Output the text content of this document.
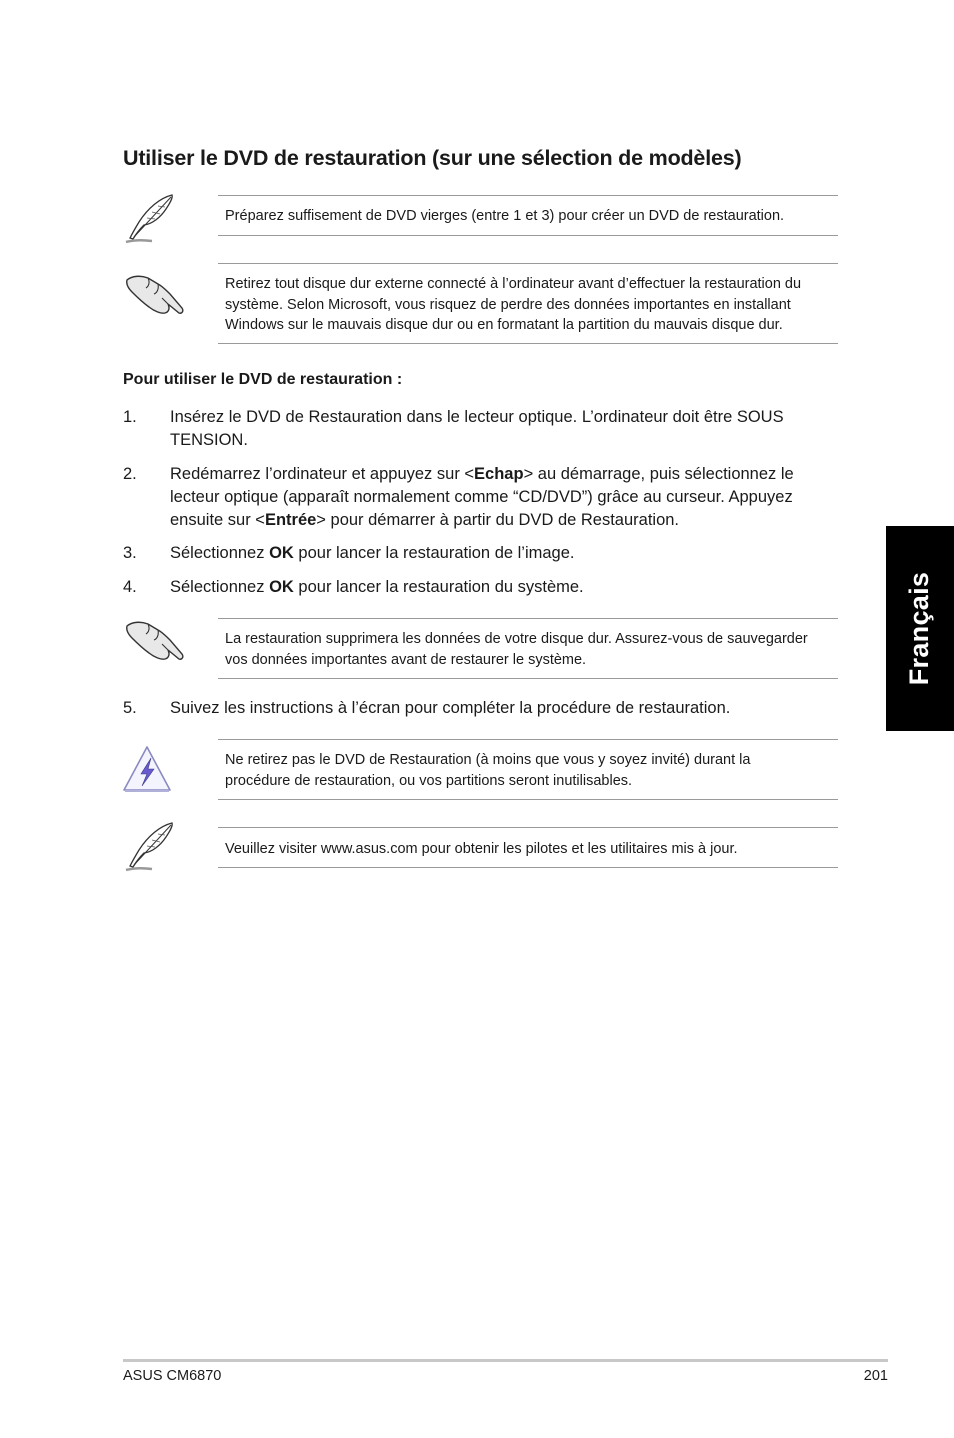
Utiliser le DVD de restauration (sur une sélection de modèles)
Préparez suffisement de DVD vierges (entre 1 et 3) pour créer un DVD de restauration.
Retirez tout disque dur externe connecté à l’ordinateur avant d’effectuer la restauration du
système. Selon Microsoft, vous risquez de perdre des données importantes en installant
Windows sur le mauvais disque dur ou en formatant la partition du mauvais disque dur.
Pour utiliser le DVD de restauration :
1. Insérez le DVD de Restauration dans le lecteur optique. L’ordinateur doit être SOUS
TENSION.
2. Redémarrez l’ordinateur et appuyez sur <Echap> au démarrage, puis sélectionnez le
lecteur optique (apparaît normalement comme “CD/DVD”) grâce au curseur. Appuyez
ensuite sur <Entrée> pour démarrer à partir du DVD de Restauration.
3. Sélectionnez OK pour lancer la restauration de l’image.
4. Sélectionnez OK pour lancer la restauration du système.
La restauration supprimera les données de votre disque dur. Assurez-vous de sauvegarder
vos données importantes avant de restaurer le système.
5. Suivez les instructions à l’écran pour compléter la procédure de restauration.
Ne retirez pas le DVD de Restauration (à moins que vous y soyez invité) durant la
procédure de restauration, ou vos partitions seront inutilisables.
Veuillez visiter www.asus.com pour obtenir les pilotes et les utilitaires mis à jour.
Français
ASUS CM6870	201
